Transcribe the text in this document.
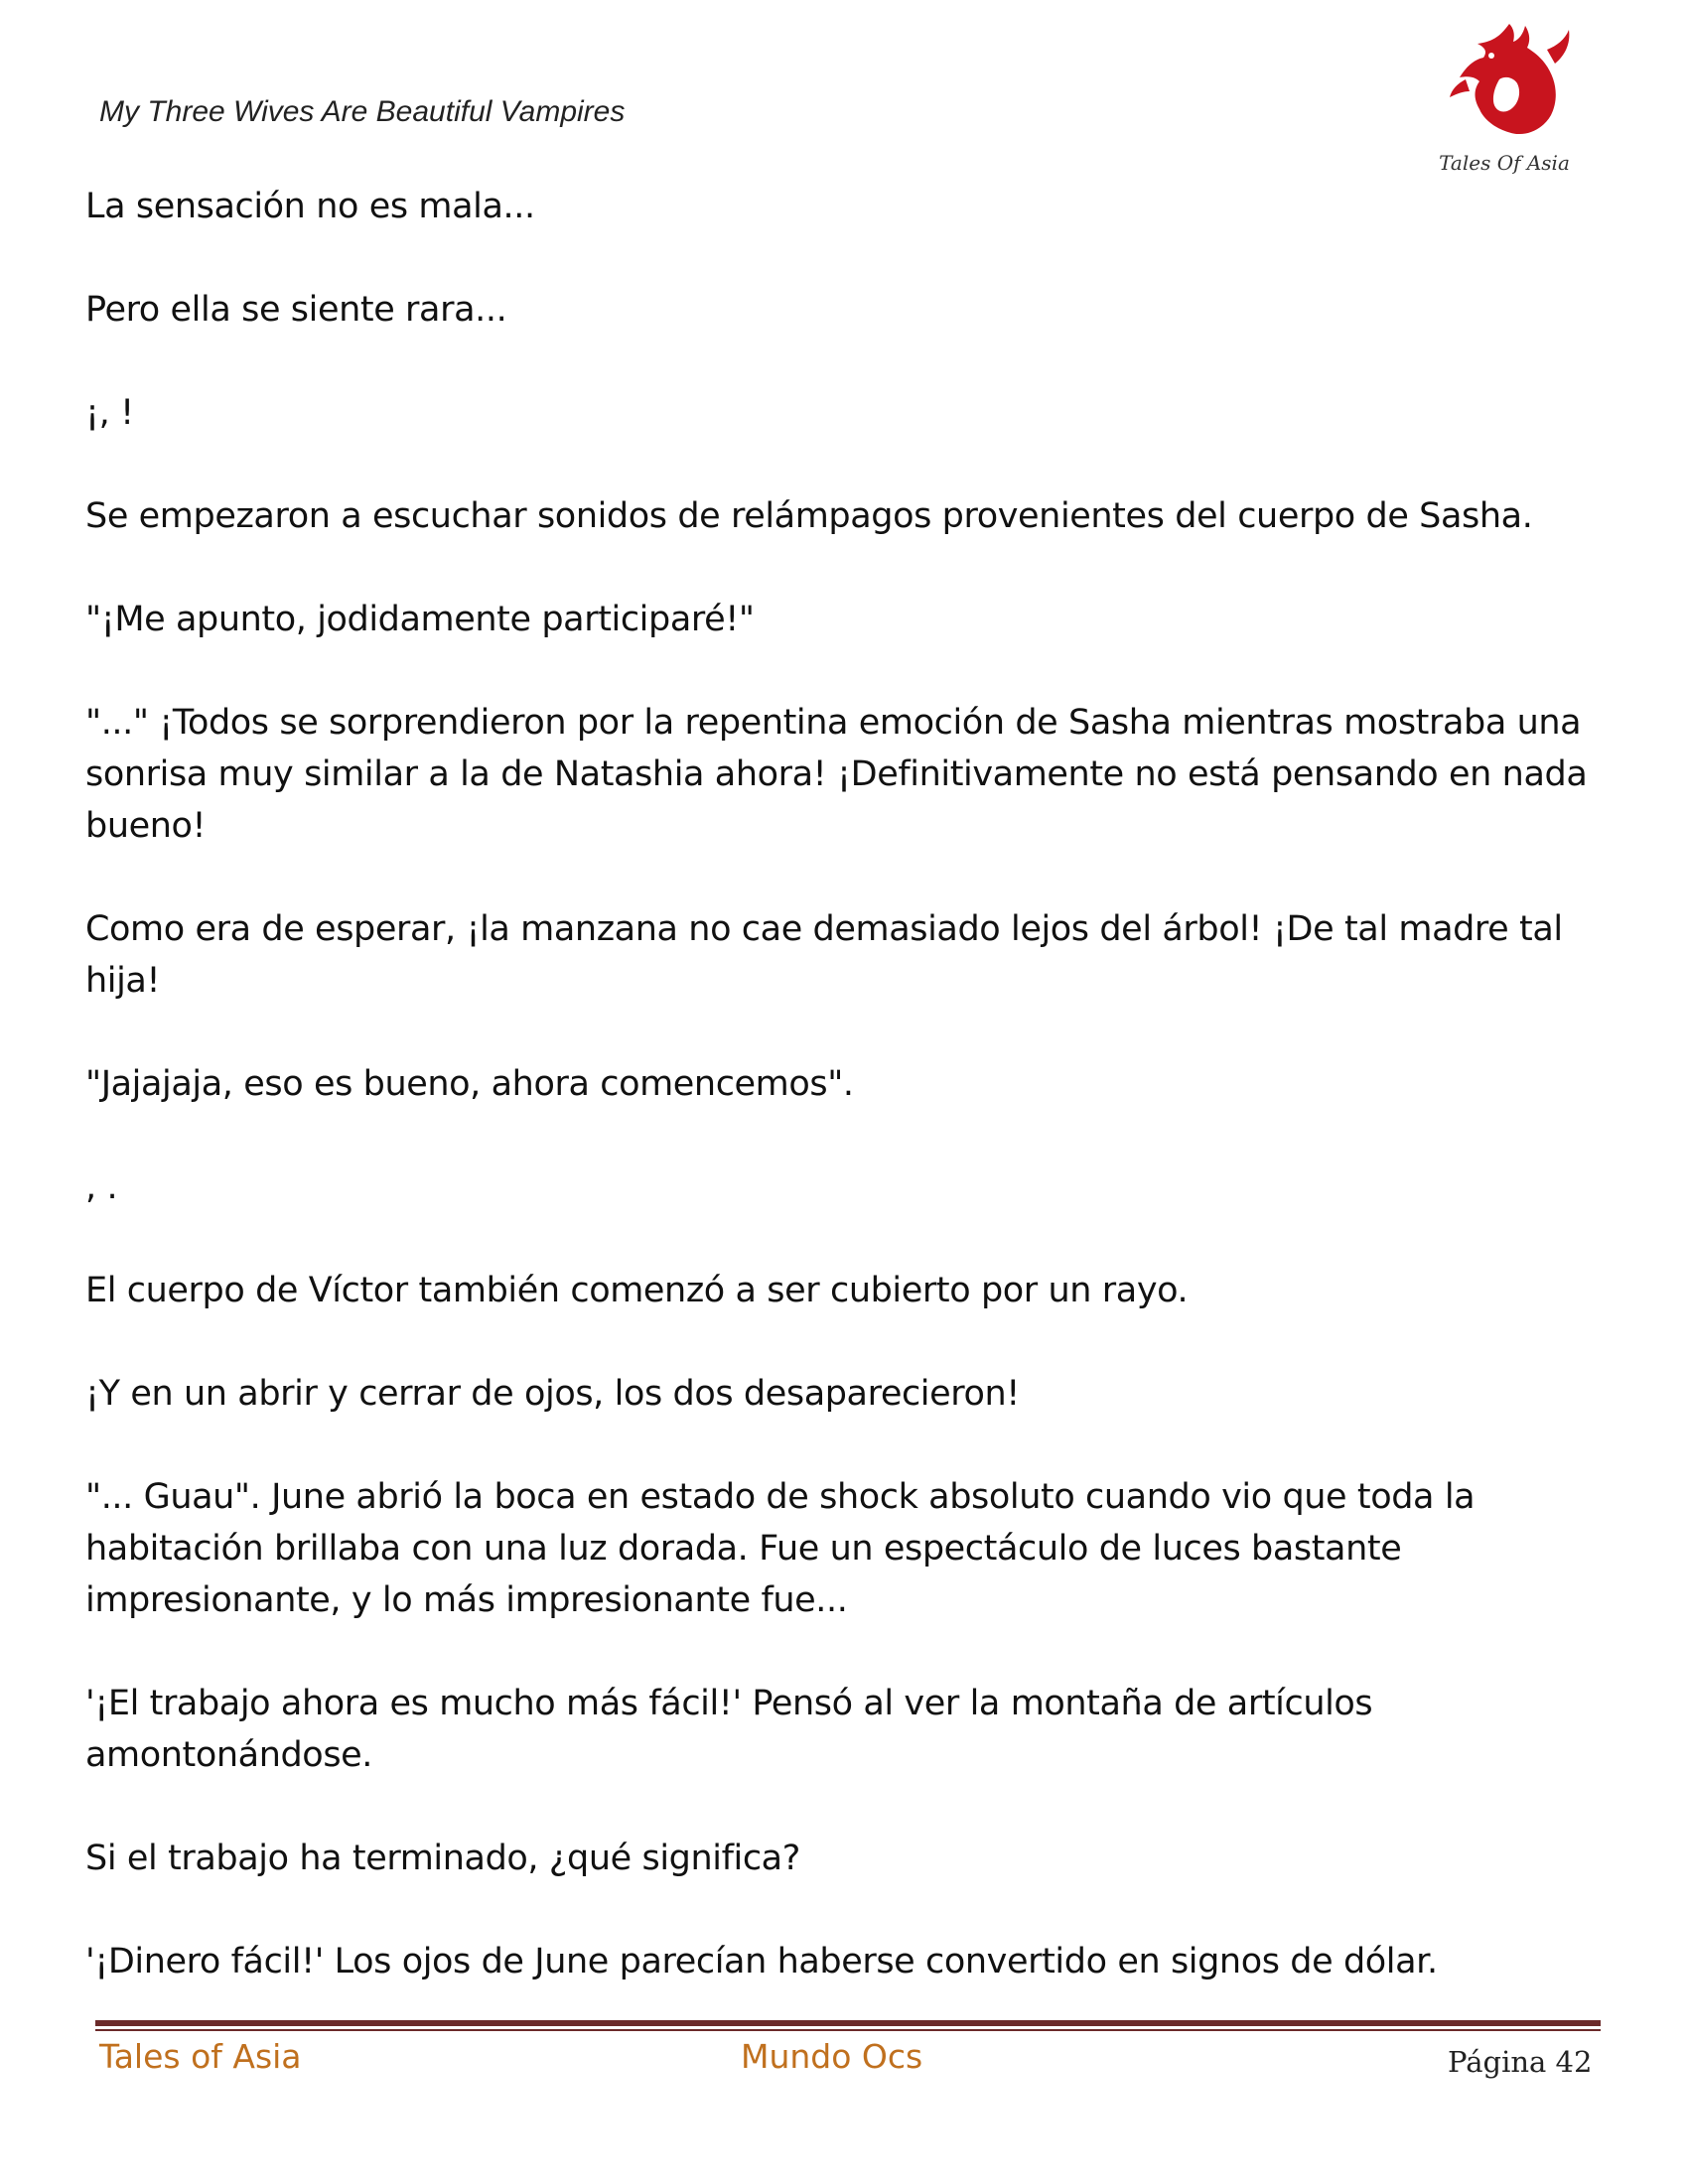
My Three Wives Are Beautiful Vampires
Tales Of Asia

La sensación no es mala...

Pero ella se siente rara...

¡, !

Se empezaron a escuchar sonidos de relámpagos provenientes del cuerpo de Sasha.

"¡Me apunto, jodidamente participaré!"

"..." ¡Todos se sorprendieron por la repentina emoción de Sasha mientras mostraba una sonrisa muy similar a la de Natashia ahora! ¡Definitivamente no está pensando en nada bueno!

Como era de esperar, ¡la manzana no cae demasiado lejos del árbol! ¡De tal madre tal hija!

"Jajajaja, eso es bueno, ahora comencemos".

, .

El cuerpo de Víctor también comenzó a ser cubierto por un rayo.

¡Y en un abrir y cerrar de ojos, los dos desaparecieron!

"... Guau". June abrió la boca en estado de shock absoluto cuando vio que toda la habitación brillaba con una luz dorada. Fue un espectáculo de luces bastante impresionante, y lo más impresionante fue...

'¡El trabajo ahora es mucho más fácil!' Pensó al ver la montaña de artículos amontonándose.

Si el trabajo ha terminado, ¿qué significa?

'¡Dinero fácil!' Los ojos de June parecían haberse convertido en signos de dólar.

Tales of Asia	Mundo Ocs	Página 42
